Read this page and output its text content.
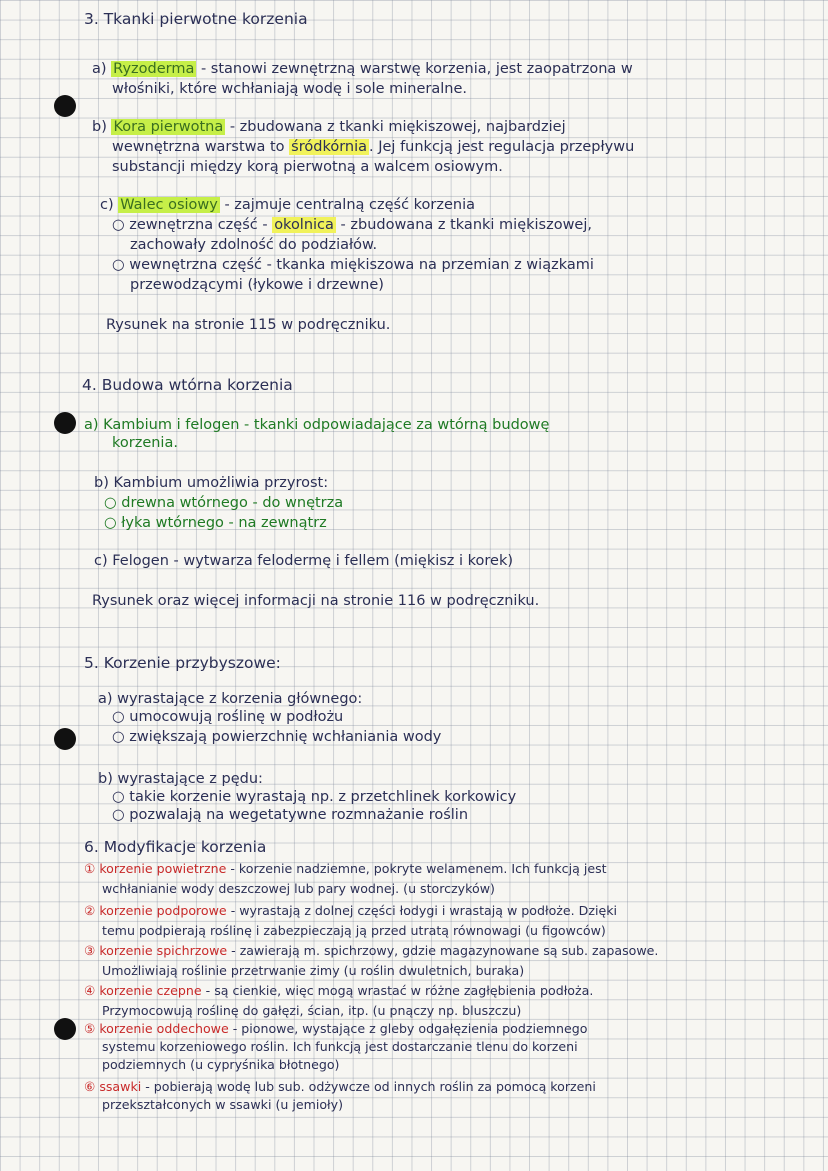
3. Tkanki pierwotne korzenia
a) Ryzoderma - stanowi zewnętrzną warstwę korzenia, jest zaopatrzona w
włośniki, które wchłaniają wodę i sole mineralne.
b) Kora pierwotna - zbudowana z tkanki miękiszowej, najbardziej
wewnętrzna warstwa to śródkórnia . Jej funkcją jest regulacja przepływu
substancji między korą pierwotną a walcem osiowym.
c) Walec osiowy - zajmuje centralną część korzenia
○ zewnętrzna część - okolnica - zbudowana z tkanki miękiszowej,
zachowały zdolność do podziałów.
○ wewnętrzna część - tkanka miękiszowa na przemian z wiązkami
przewodzącymi (łykowe i drzewne)
Rysunek na stronie 115 w podręczniku.
4. Budowa wtórna korzenia
a) Kambium i felogen - tkanki odpowiadające za wtórną budowę
korzenia.
b) Kambium umożliwia przyrost:
○ drewna wtórnego - do wnętrza
○ łyka wtórnego - na zewnątrz
c) Felogen - wytwarza felodermę i fellem (miękisz i korek)
Rysunek oraz więcej informacji na stronie 116 w podręczniku.
5. Korzenie przybyszowe:
a) wyrastające z korzenia głównego:
○ umocowują roślinę w podłożu
○ zwiększają powierzchnię wchłaniania wody
b) wyrastające z pędu:
○ takie korzenie wyrastają np. z przetchlinek korkowicy
○ pozwalają na wegetatywne rozmnażanie roślin
6. Modyfikacje korzenia
① korzenie powietrzne - korzenie nadziemne, pokryte welamenem. Ich funkcją jest
wchłanianie wody deszczowej lub pary wodnej. (u storczyków)
② korzenie podporowe - wyrastają z dolnej części łodygi i wrastają w podłoże. Dzięki
temu podpierają roślinę i zabezpieczają ją przed utratą równowagi (u figowców)
③ korzenie spichrzowe - zawierają m. spichrzowy, gdzie magazynowane są sub. zapasowe.
Umożliwiają roślinie przetrwanie zimy (u roślin dwuletnich, buraka)
④ korzenie czepne - są cienkie, więc mogą wrastać w różne zagłębienia podłoża.
Przymocowują roślinę do gałęzi, ścian, itp. (u pnączy np. bluszczu)
⑤ korzenie oddechowe - pionowe, wystające z gleby odgałęzienia podziemnego
systemu korzeniowego roślin. Ich funkcją jest dostarczanie tlenu do korzeni
podziemnych (u cypryśnika błotnego)
⑥ ssawki - pobierają wodę lub sub. odżywcze od innych roślin za pomocą korzeni
przekształconych w ssawki (u jemioły)
